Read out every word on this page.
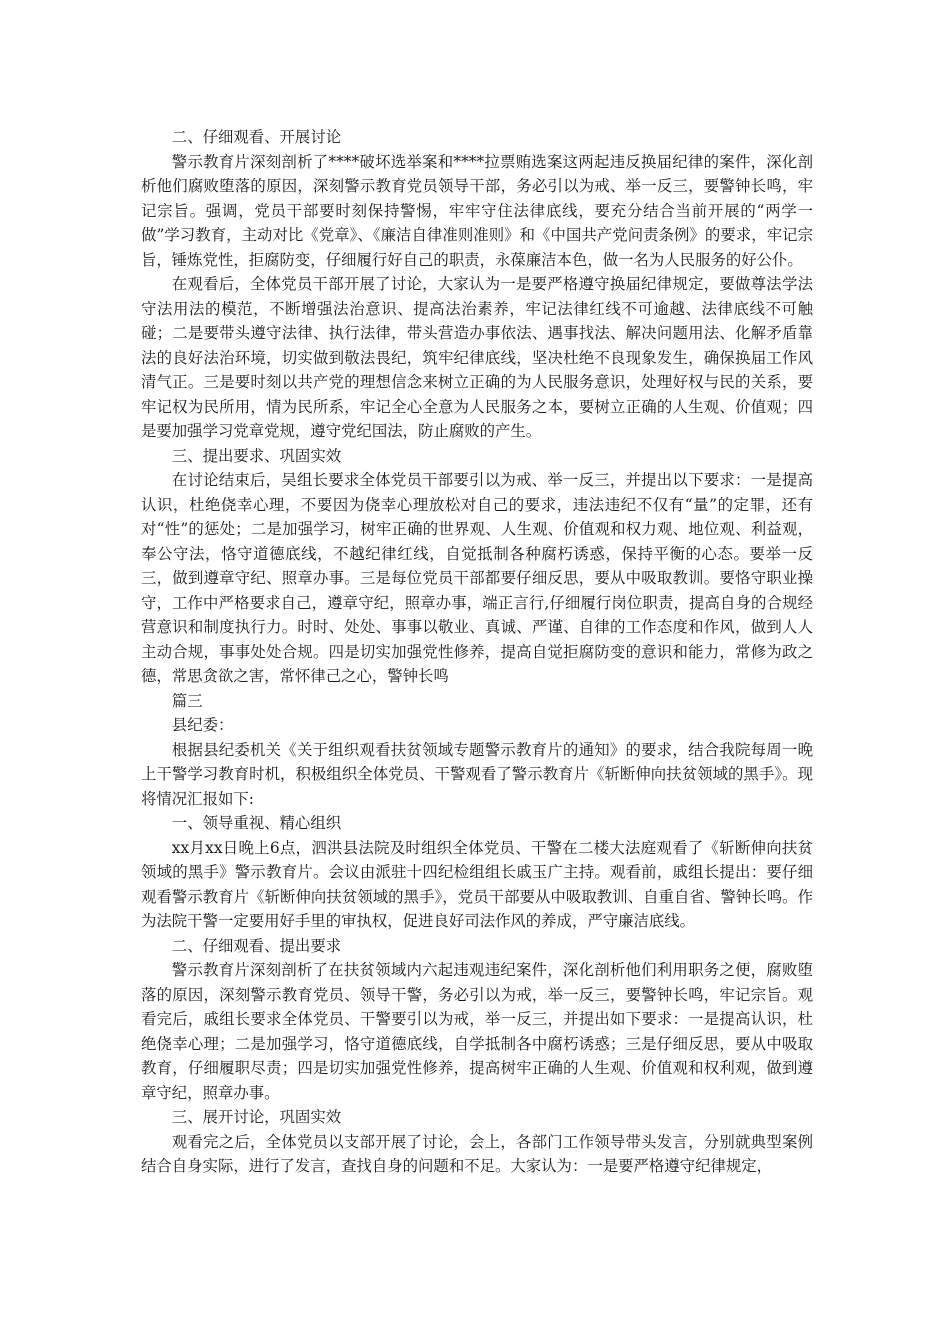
二、仔细观看、开展讨论

警示教育片深刻剖析了****破坏选举案和****拉票贿选案这两起违反换届纪律的案件，深化剖析他们腐败堕落的原因，深刻警示教育党员领导干部，务必引以为戒、举一反三，要警钟长鸣，牢记宗旨。强调，党员干部要时刻保持警惕，牢牢守住法律底线，要充分结合当前开展的“两学一做”学习教育，主动对比《党章》、《廉洁自律准则准则》和《中国共产党问责条例》的要求，牢记宗旨，锤炼党性，拒腐防变，仔细履行好自己的职责，永葆廉洁本色，做一名为人民服务的好公仆。

在观看后，全体党员干部开展了讨论，大家认为一是要严格遵守换届纪律规定，要做尊法学法守法用法的模范，不断增强法治意识、提高法治素养，牢记法律红线不可逾越、法律底线不可触碰；二是要带头遵守法律、执行法律，带头营造办事依法、遇事找法、解决问题用法、化解矛盾靠法的良好法治环境，切实做到敬法畏纪，筑牢纪律底线，坚决杜绝不良现象发生，确保换届工作风清气正。三是要时刻以共产党的理想信念来树立正确的为人民服务意识，处理好权与民的关系，要牢记权为民所用，情为民所系，牢记全心全意为人民服务之本，要树立正确的人生观、价值观；四是要加强学习党章党规，遵守党纪国法，防止腐败的产生。

三、提出要求、巩固实效

在讨论结束后，吴组长要求全体党员干部要引以为戒、举一反三，并提出以下要求：一是提高认识，杜绝侥幸心理，不要因为侥幸心理放松对自己的要求，违法违纪不仅有“量”的定罪，还有对“性”的惩处；二是加强学习，树牢正确的世界观、人生观、价值观和权力观、地位观、利益观，奉公守法，恪守道德底线，不越纪律红线，自觉抵制各种腐朽诱惑，保持平衡的心态。要举一反三，做到遵章守纪、照章办事。三是每位党员干部都要仔细反思，要从中吸取教训。要恪守职业操守，工作中严格要求自己，遵章守纪，照章办事，端正言行,仔细履行岗位职责，提高自身的合规经营意识和制度执行力。时时、处处、事事以敬业、真诚、严谨、自律的工作态度和作风，做到人人主动合规，事事处处合规。四是切实加强党性修养，提高自觉拒腐防变的意识和能力，常修为政之德，常思贪欲之害，常怀律己之心，警钟长鸣

篇三

县纪委：

根据县纪委机关《关于组织观看扶贫领域专题警示教育片的通知》的要求，结合我院每周一晚上干警学习教育时机，积极组织全体党员、干警观看了警示教育片《斩断伸向扶贫领域的黑手》。现将情况汇报如下:

一、领导重视、精心组织

xx月xx日晚上6点，泗洪县法院及时组织全体党员、干警在二楼大法庭观看了《斩断伸向扶贫领域的黑手》警示教育片。会议由派驻十四纪检组组长戚玉广主持。观看前，戚组长提出：要仔细观看警示教育片《斩断伸向扶贫领域的黑手》，党员干部要从中吸取教训、自重自省、警钟长鸣。作为法院干警一定要用好手里的审执权，促进良好司法作风的养成，严守廉洁底线。

二、仔细观看、提出要求

警示教育片深刻剖析了在扶贫领域内六起违观违纪案件，深化剖析他们利用职务之便，腐败堕落的原因，深刻警示教育党员、领导干警，务必引以为戒，举一反三，要警钟长鸣，牢记宗旨。观看完后，戚组长要求全体党员、干警要引以为戒，举一反三，并提出如下要求：一是提高认识，杜绝侥幸心理；二是加强学习，恪守道德底线，自学抵制各中腐朽诱惑；三是仔细反思，要从中吸取教育，仔细履职尽责；四是切实加强党性修养，提高树牢正确的人生观、价值观和权利观，做到遵章守纪，照章办事。

三、展开讨论，巩固实效

观看完之后，全体党员以支部开展了讨论，会上，各部门工作领导带头发言，分别就典型案例结合自身实际，进行了发言，查找自身的问题和不足。大家认为：一是要严格遵守纪律规定，
